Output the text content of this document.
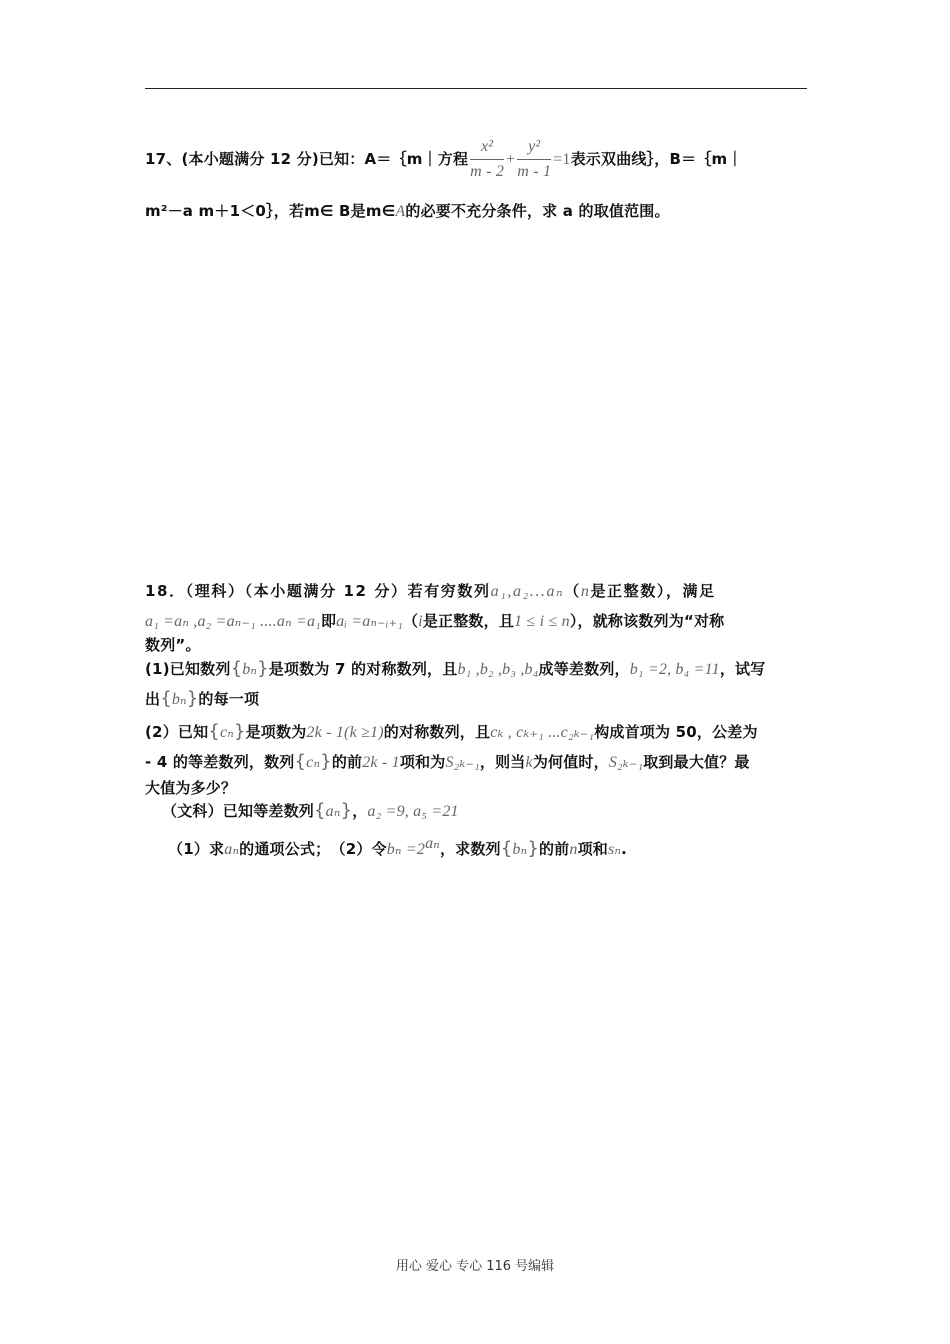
17、(本小题满分 12 分)已知：A＝｛m｜方程 $\frac{\text{x²}}{m - 2} + \frac{\text{y²}}{m - 1} =1$表示双曲线｝，B＝｛m｜
m²－a m＋1＜0｝，若m∈ B是m∈A的必要不充分条件，求 a 的取值范围。
18．（理科）（本小题满分 12 分）若有穷数列a₁,a₂...aₙ（n是正整数），满足
a₁ =aₙ ,a₂ =aₙ₋₁ ....aₙ =a₁即aᵢ =aₙ₋ᵢ₊₁（i是正整数，且1 ≤ i ≤ n），就称该数列为“对称
数列”。
(1)已知数列{bₙ}是项数为 7 的对称数列，且b₁ ,b₂ ,b₃ ,b₄成等差数列，b₁ =2, b₄ =11，试写
出{bₙ}的每一项
(2）已知{cₙ}是项数为2k - 1(k ≥1)的对称数列，且cₖ , cₖ₊₁ ...c₂ₖ₋₁构成首项为 50，公差为
- 4 的等差数列，数列{cₙ}的前2k - 1项和为S₂ₖ₋₁，则当k为何值时，S₂ₖ₋₁取到最大值？最
大值为多少？
（文科）已知等差数列{aₙ}，a₂ =9, a₅ =21
（1）求aₙ的通项公式；　（2）令$b_n =2^{a_n}$，求数列{bₙ}的前n项和sₙ.
用心 爱心 专心 116 号编辑
